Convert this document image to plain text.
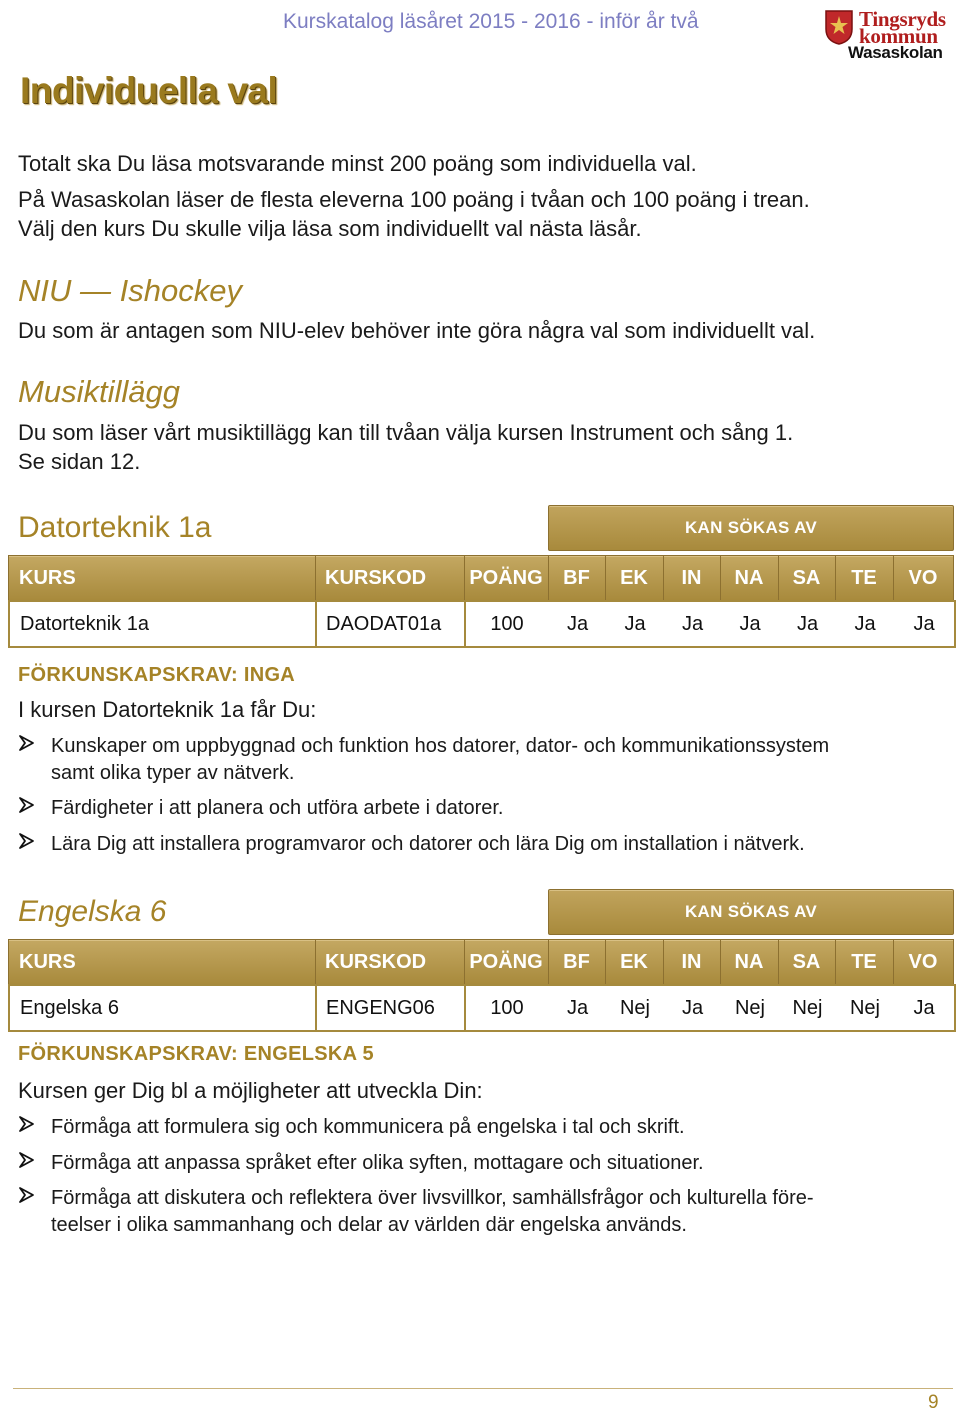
Kurskatalog läsåret 2015 - 2016 - inför år två	Tingsryds
kommun
Wasaskolan
Individuella val
Totalt ska Du läsa motsvarande minst 200 poäng som individuella val.
På Wasaskolan läser de flesta eleverna 100 poäng i tvåan och 100 poäng i trean.
Välj den kurs Du skulle vilja läsa som individuellt val nästa läsår.
NIU — Ishockey
Du som är antagen som NIU-elev behöver inte göra några val som individuellt val.
Musiktillägg
Du som läser vårt musiktillägg kan till tvåan välja kursen Instrument och sång 1.
Se sidan 12.
Datorteknik 1a	KAN SÖKAS AV
KURS	KURSKOD	POÄNG	BF	EK	IN	NA	SA	TE	VO
Datorteknik 1a	DAODAT01a	100	Ja	Ja	Ja	Ja	Ja	Ja	Ja
FÖRKUNSKAPSKRAV: INGA
I kursen Datorteknik 1a får Du:
Kunskaper om uppbyggnad och funktion hos datorer, dator- och kommunikationssystem
samt olika typer av nätverk.
Färdigheter i att planera och utföra arbete i datorer.
Lära Dig att installera programvaror och datorer och lära Dig om installation i nätverk.
Engelska 6	KAN SÖKAS AV
KURS	KURSKOD	POÄNG	BF	EK	IN	NA	SA	TE	VO
Engelska 6	ENGENG06	100	Ja	Nej	Ja	Nej	Nej	Nej	Ja
FÖRKUNSKAPSKRAV: ENGELSKA 5
Kursen ger Dig bl a möjligheter att utveckla Din:
Förmåga att formulera sig och kommunicera på engelska i tal och skrift.
Förmåga att anpassa språket efter olika syften, mottagare och situationer.
Förmåga att diskutera och reflektera över livsvillkor, samhällsfrågor och kulturella före-
teelser i olika sammanhang och delar av världen där engelska används.
9
